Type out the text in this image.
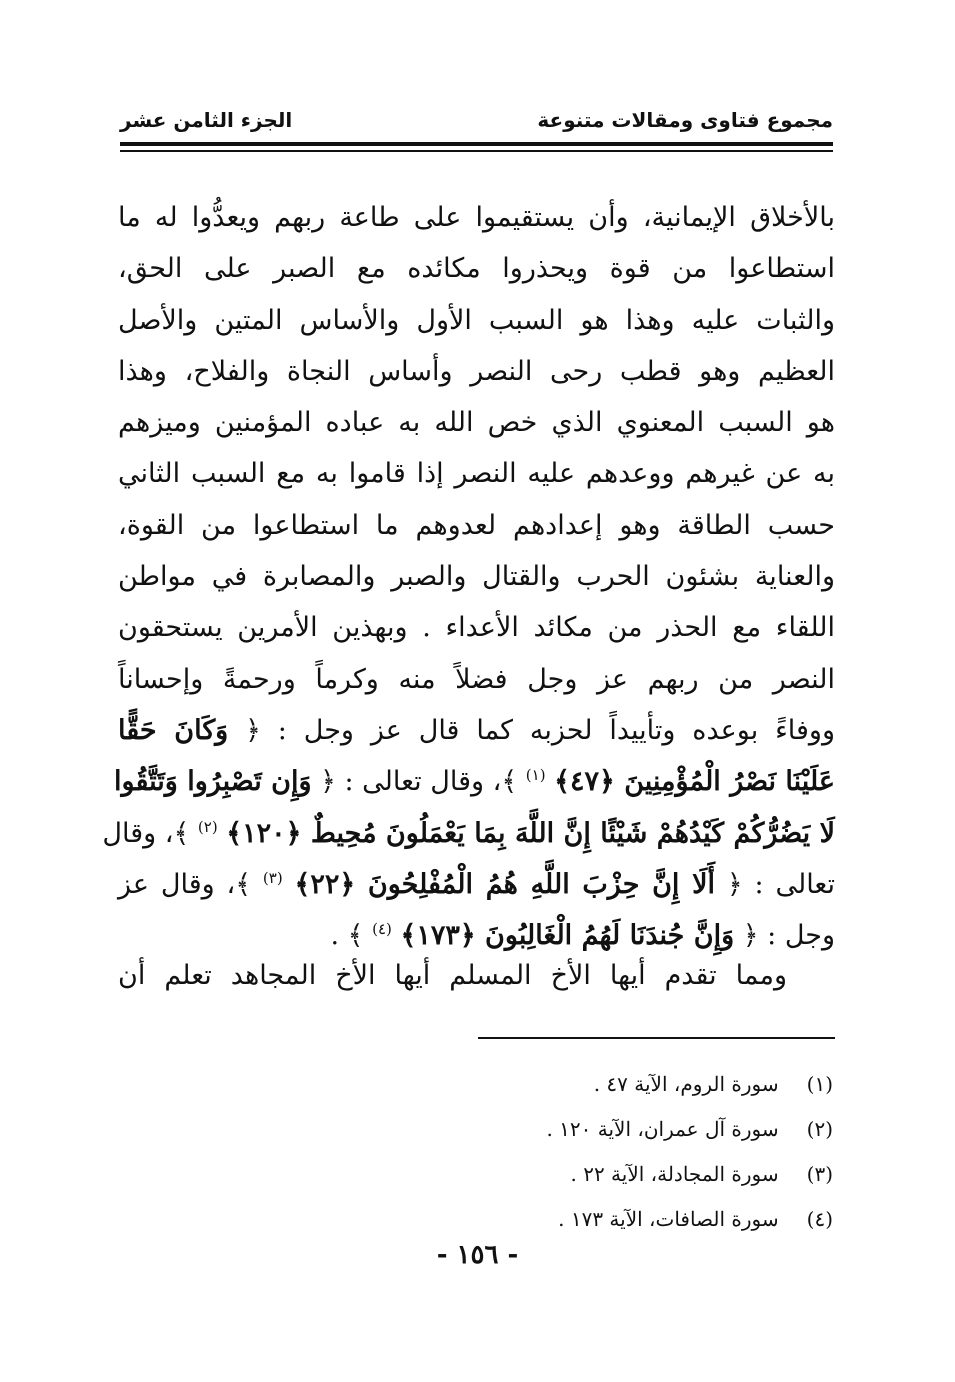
مجموع فتاوى ومقالات متنوعة
الجزء الثامن عشر
بالأخلاق الإيمانية، وأن يستقيموا على طاعة ربهم ويعدُّوا له ما
استطاعوا من قوة ويحذروا مكائده مع الصبر على الحق،
والثبات عليه وهذا هو السبب الأول والأساس المتين والأصل
العظيم وهو قطب رحى النصر وأساس النجاة والفلاح، وهذا
هو السبب المعنوي الذي خص الله به عباده المؤمنين وميزهم
به عن غيرهم ووعدهم عليه النصر إذا قاموا به مع السبب الثاني
حسب الطاقة وهو إعدادهم لعدوهم ما استطاعوا من القوة،
والعناية بشئون الحرب والقتال والصبر والمصابرة في مواطن
اللقاء مع الحذر من مكائد الأعداء . وبهذين الأمرين يستحقون
النصر من ربهم عز وجل فضلاً منه وكرماً ورحمةً وإحساناً
ووفاءً بوعده وتأييداً لحزبه كما قال عز وجل : ﴿ وَكَانَ حَقًّا
عَلَيْنَا نَصْرُ الْمُؤْمِنِينَ ﴿٤٧﴾ $^{(١)}$ ﴾، وقال تعالى : ﴿ وَإِن تَصْبِرُوا وَتَتَّقُوا
لَا يَضُرُّكُمْ كَيْدُهُمْ شَيْئًا إِنَّ اللَّهَ بِمَا يَعْمَلُونَ مُحِيطٌ ﴿١٢٠﴾ $^{(٢)}$ ﴾، وقال
تعالى : ﴿ أَلَا إِنَّ حِزْبَ اللَّهِ هُمُ الْمُفْلِحُونَ ﴿٢٢﴾ $^{(٣)}$ ﴾، وقال عز
وجل : ﴿ وَإِنَّ جُندَنَا لَهُمُ الْغَالِبُونَ ﴿١٧٣﴾ $^{(٤)}$ ﴾ .
ومما تقدم أيها الأخ المسلم أيها الأخ المجاهد تعلم أن
(١) سورة الروم، الآية ٤٧ .
(٢) سورة آل عمران، الآية ١٢٠ .
(٣) سورة المجادلة، الآية ٢٢ .
(٤) سورة الصافات، الآية ١٧٣ .
- ١٥٦ -
